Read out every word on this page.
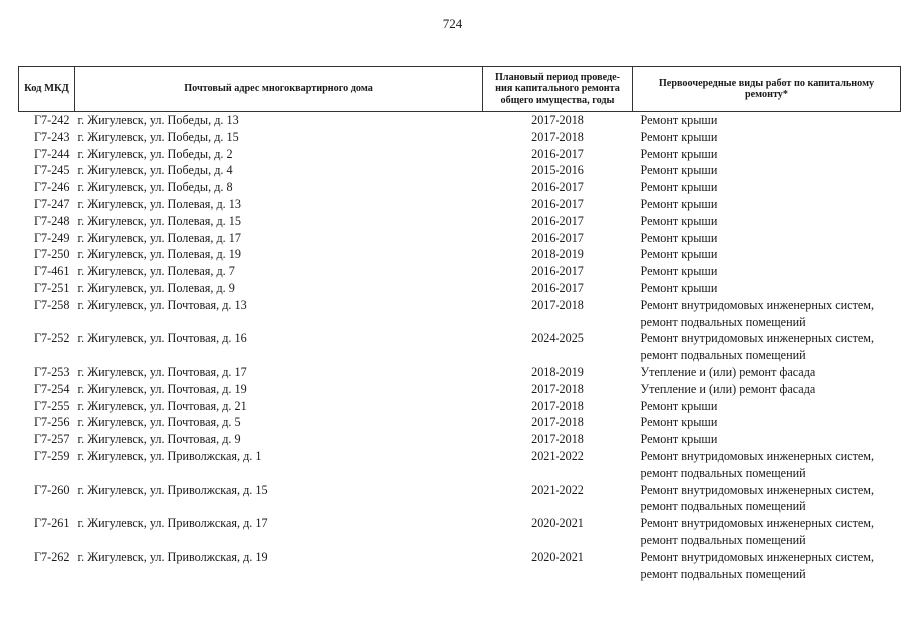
724
Код МКД	Почтовый адрес многоквартирного дома	Плановый период проведе-
ния капитального ремонта
общего имущества, годы	Первоочередные виды работ по капитальному
ремонту*

Г7-242	г. Жигулевск, ул. Победы, д. 13	2017-2018	Ремонт крыши

Г7-243	г. Жигулевск, ул. Победы, д. 15	2017-2018	Ремонт крыши

Г7-244	г. Жигулевск, ул. Победы, д. 2	2016-2017	Ремонт крыши

Г7-245	г. Жигулевск, ул. Победы, д. 4	2015-2016	Ремонт крыши

Г7-246	г. Жигулевск, ул. Победы, д. 8	2016-2017	Ремонт крыши

Г7-247	г. Жигулевск, ул. Полевая, д. 13	2016-2017	Ремонт крыши

Г7-248	г. Жигулевск, ул. Полевая, д. 15	2016-2017	Ремонт крыши

Г7-249	г. Жигулевск, ул. Полевая, д. 17	2016-2017	Ремонт крыши

Г7-250	г. Жигулевск, ул. Полевая, д. 19	2018-2019	Ремонт крыши

Г7-461	г. Жигулевск, ул. Полевая, д. 7	2016-2017	Ремонт крыши

Г7-251	г. Жигулевск, ул. Полевая, д. 9	2016-2017	Ремонт крыши

Г7-258	г. Жигулевск, ул. Почтовая, д. 13	2017-2018	Ремонт внутридомовых инженерных систем,
ремонт подвальных помещений

Г7-252	г. Жигулевск, ул. Почтовая, д. 16	2024-2025	Ремонт внутридомовых инженерных систем,
ремонт подвальных помещений

Г7-253	г. Жигулевск, ул. Почтовая, д. 17	2018-2019	Утепление и (или) ремонт фасада

Г7-254	г. Жигулевск, ул. Почтовая, д. 19	2017-2018	Утепление и (или) ремонт фасада

Г7-255	г. Жигулевск, ул. Почтовая, д. 21	2017-2018	Ремонт крыши

Г7-256	г. Жигулевск, ул. Почтовая, д. 5	2017-2018	Ремонт крыши

Г7-257	г. Жигулевск, ул. Почтовая, д. 9	2017-2018	Ремонт крыши

Г7-259	г. Жигулевск, ул. Приволжская, д. 1	2021-2022	Ремонт внутридомовых инженерных систем,
ремонт подвальных помещений

Г7-260	г. Жигулевск, ул. Приволжская, д. 15	2021-2022	Ремонт внутридомовых инженерных систем,
ремонт подвальных помещений

Г7-261	г. Жигулевск, ул. Приволжская, д. 17	2020-2021	Ремонт внутридомовых инженерных систем,
ремонт подвальных помещений

Г7-262	г. Жигулевск, ул. Приволжская, д. 19	2020-2021	Ремонт внутридомовых инженерных систем,
ремонт подвальных помещений
